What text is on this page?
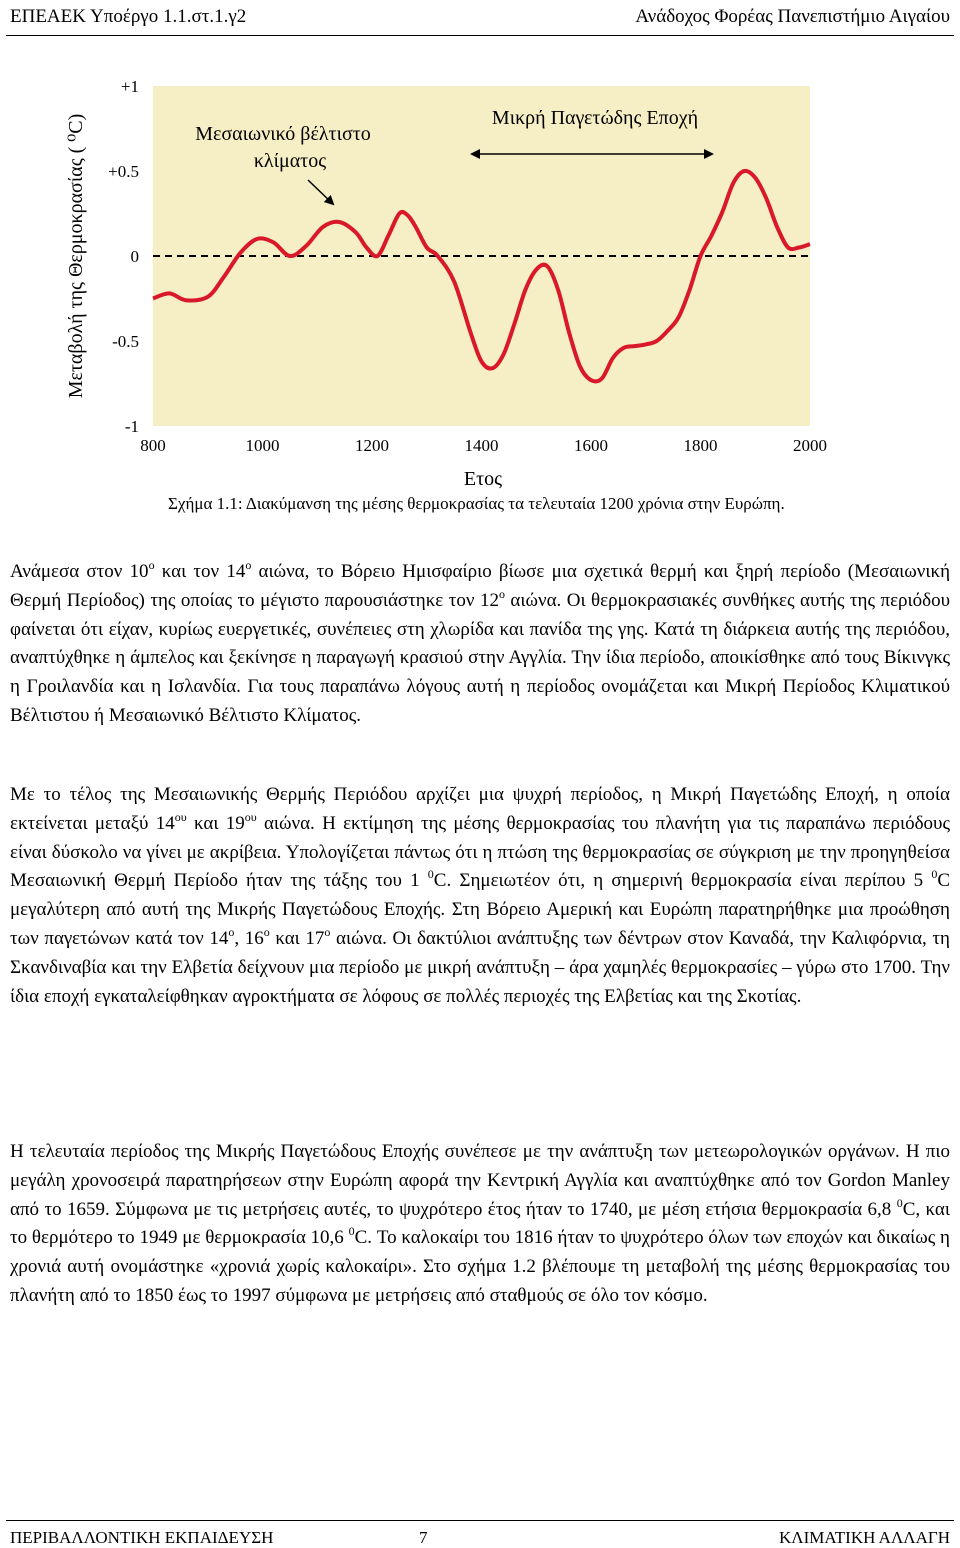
ΕΠΕΑΕΚ Υποέργο 1.1.στ.1.γ2	Ανάδοχος Φορέας Πανεπιστήμιο Αιγαίου
+1
+0.5
0
-0.5
-1
800	1000	1200	1400	1600	1800	2000
Μεταβολή της Θερμοκρασίας ( ⁰C)
Ετος
Μεσαιωνικό βέλτιστο
κλίματος
Μικρή Παγετώδης Εποχή
Σχήμα 1.1: Διακύμανση της μέσης θερμοκρασίας τα τελευταία 1200 χρόνια στην Ευρώπη.

Ανάμεσα στον $10^o$ και τον $14^o$ αιώνα, το Βόρειο Ημισφαίριο βίωσε μια σχετικά θερμή και ξηρή περίοδο (Μεσαιωνική Θερμή Περίοδος) της οποίας το μέγιστο παρουσιάστηκε τον $12^o$ αιώνα. Οι θερμοκρασιακές συνθήκες αυτής της περιόδου φαίνεται ότι είχαν, κυρίως ευεργετικές, συνέπειες στη χλωρίδα και πανίδα της γης. Κατά τη διάρκεια αυτής της περιόδου, αναπτύχθηκε η άμπελος και ξεκίνησε η παραγωγή κρασιού στην Αγγλία. Την ίδια περίοδο, αποικίσθηκε από τους Βίκινγκς η Γροιλανδία και η Ισλανδία. Για τους παραπάνω λόγους αυτή η περίοδος ονομάζεται και Μικρή Περίοδος Κλιματικού Βέλτιστου ή Μεσαιωνικό Βέλτιστο Κλίματος.

Με το τέλος της Μεσαιωνικής Θερμής Περιόδου αρχίζει μια ψυχρή περίοδος, η Μικρή Παγετώδης Εποχή, η οποία εκτείνεται μεταξύ $14^{o\upsilon}$ και $19^{o\upsilon}$ αιώνα. Η εκτίμηση της μέσης θερμοκρασίας του πλανήτη για τις παραπάνω περιόδους είναι δύσκολο να γίνει με ακρίβεια. Υπολογίζεται πάντως ότι η πτώση της θερμοκρασίας σε σύγκριση με την προηγηθείσα Μεσαιωνική Θερμή Περίοδο ήταν της τάξης του 1 $^0$C. Σημειωτέον ότι, η σημερινή θερμοκρασία είναι περίπου 5 $^0$C μεγαλύτερη από αυτή της Μικρής Παγετώδους Εποχής. Στη Βόρειο Αμερική και Ευρώπη παρατηρήθηκε μια προώθηση των παγετώνων κατά τον $14^o$, $16^o$ και $17^o$ αιώνα. Οι δακτύλιοι ανάπτυξης των δέντρων στον Καναδά, την Καλιφόρνια, τη Σκανδιναβία και την Ελβετία δείχνουν μια περίοδο με μικρή ανάπτυξη – άρα χαμηλές θερμοκρασίες – γύρω στο 1700. Την ίδια εποχή εγκαταλείφθηκαν αγροκτήματα σε λόφους σε πολλές περιοχές της Ελβετίας και της Σκοτίας.

Η τελευταία περίοδος της Μικρής Παγετώδους Εποχής συνέπεσε με την ανάπτυξη των μετεωρολογικών οργάνων. Η πιο μεγάλη χρονοσειρά παρατηρήσεων στην Ευρώπη αφορά την Κεντρική Αγγλία και αναπτύχθηκε από τον Gordon Manley από το 1659. Σύμφωνα με τις μετρήσεις αυτές, το ψυχρότερο έτος ήταν το 1740, με μέση ετήσια θερμοκρασία 6,8 $^0$C, και το θερμότερο το 1949 με θερμοκρασία 10,6 $^0$C. Το καλοκαίρι του 1816 ήταν το ψυχρότερο όλων των εποχών και δικαίως η χρονιά αυτή ονομάστηκε «χρονιά χωρίς καλοκαίρι». Στο σχήμα 1.2 βλέπουμε τη μεταβολή της μέσης θερμοκρασίας του πλανήτη από το 1850 έως το 1997 σύμφωνα με μετρήσεις από σταθμούς σε όλο τον κόσμο.

ΠΕΡΙΒΑΛΛΟΝΤΙΚΗ ΕΚΠΑΙΔΕΥΣΗ	7	ΚΛΙΜΑΤΙΚΗ ΑΛΛΑΓΗ
